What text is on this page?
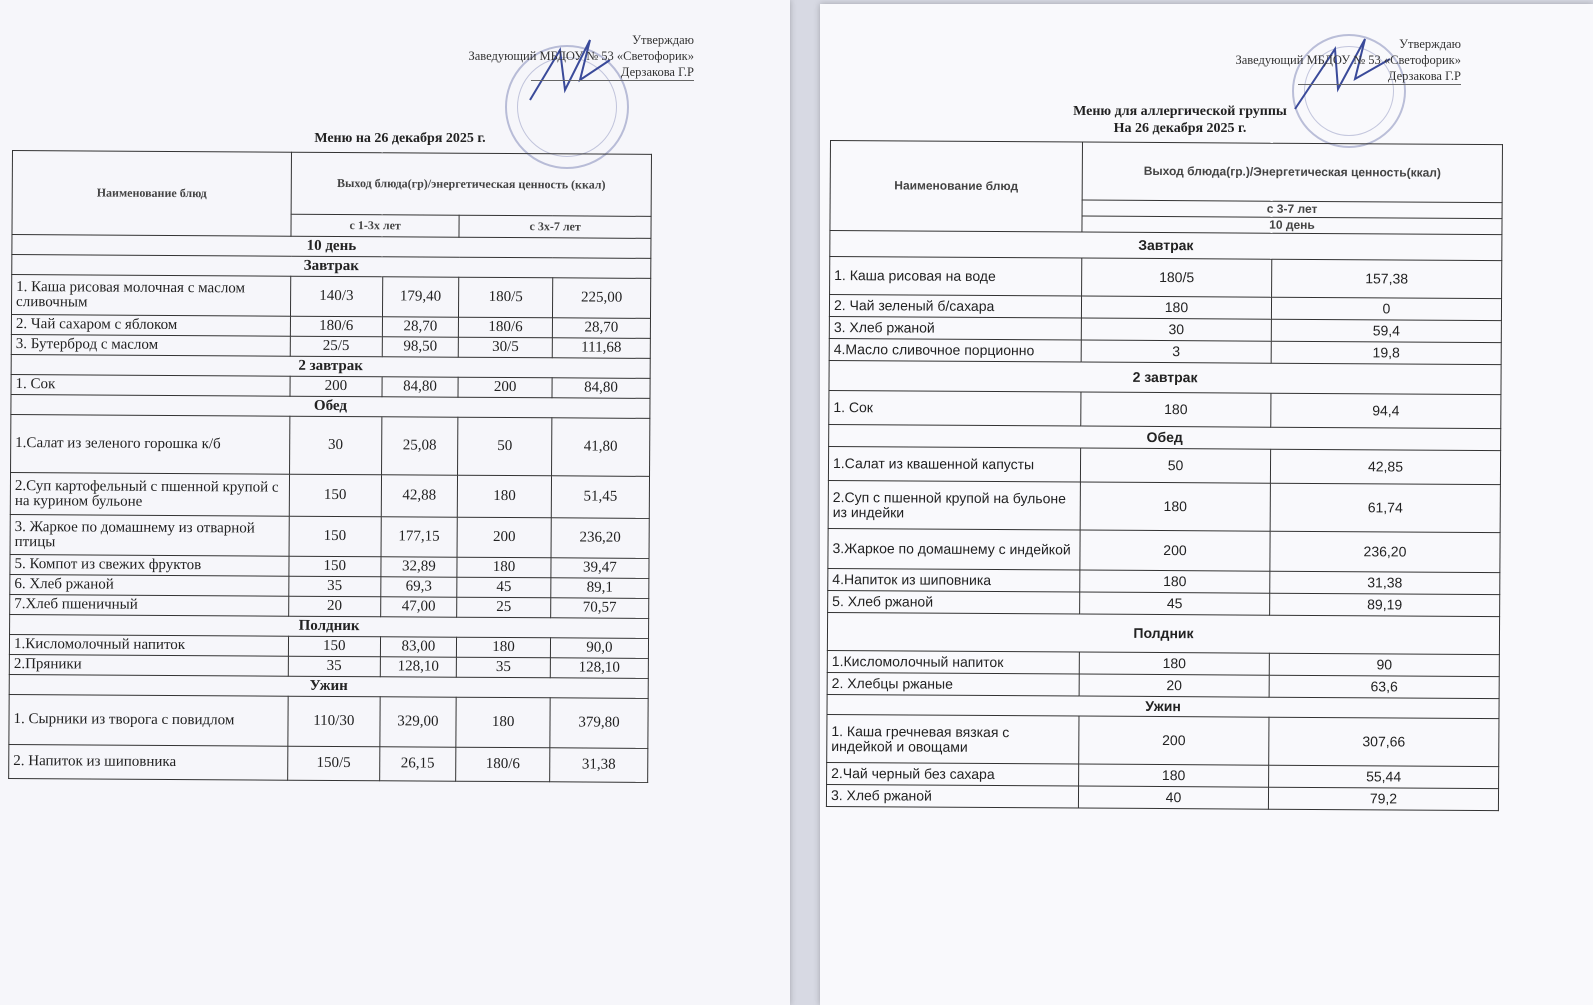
Утверждаю
Заведующий МБДОУ № 53 «Светофорик»
Дерзакова Г.Р
Меню на 26 декабря 2025 г.
Наименование блюд	Выход блюда(гр)/энергетическая ценность (ккал)			
	с 1-3х лет		с 3х-7 лет	
10 день				
Завтрак				
1. Каша рисовая молочная с маслом сливочным	140/3	179,40	180/5	225,00
2. Чай сахаром с яблоком	180/6	28,70	180/6	28,70
3. Бутерброд с маслом	25/5	98,50	30/5	111,68
2 завтрак				
1. Сок	200	84,80	200	84,80
Обед				
1.Салат из зеленого горошка к/б	30	25,08	50	41,80
2.Суп картофельный с пшенной крупой с на курином бульоне	150	42,88	180	51,45
3. Жаркое по домашнему из отварной птицы	150	177,15	200	236,20
5. Компот из свежих фруктов	150	32,89	180	39,47
6. Хлеб ржаной	35	69,3	45	89,1
7.Хлеб пшеничный	20	47,00	25	70,57
Полдник				
1.Кисломолочный напиток	150	83,00	180	90,0
2.Пряники	35	128,10	35	128,10
Ужин				
1. Сырники из творога с повидлом	110/30	329,00	180	379,80
2. Напиток из шиповника	150/5	26,15	180/6	31,38
Утверждаю
Заведующий МБДОУ № 53 «Светофорик»
Дерзакова Г.Р
Меню для аллергической группы
На 26 декабря 2025 г.
Наименование блюд	Выход блюда(гр.)/Энергетическая ценность(ккал)	
	с 3-7 лет	
	10 день	
Завтрак		
1. Каша рисовая на воде	180/5	157,38
2. Чай зеленый б/сахара	180	0
3. Хлеб ржаной	30	59,4
4.Масло сливочное порционно	3	19,8
2 завтрак		
1. Сок	180	94,4
Обед		
1.Салат из квашенной капусты	50	42,85
2.Суп с пшенной крупой на бульоне из индейки	180	61,74
3.Жаркое по домашнему с индейкой	200	236,20
4.Напиток из шиповника	180	31,38
5. Хлеб ржаной	45	89,19
Полдник		
1.Кисломолочный напиток	180	90
2. Хлебцы ржаные	20	63,6
Ужин		
1. Каша гречневая вязкая с индейкой и овощами	200	307,66
2.Чай черный без сахара	180	55,44
3. Хлеб ржаной	40	79,2
